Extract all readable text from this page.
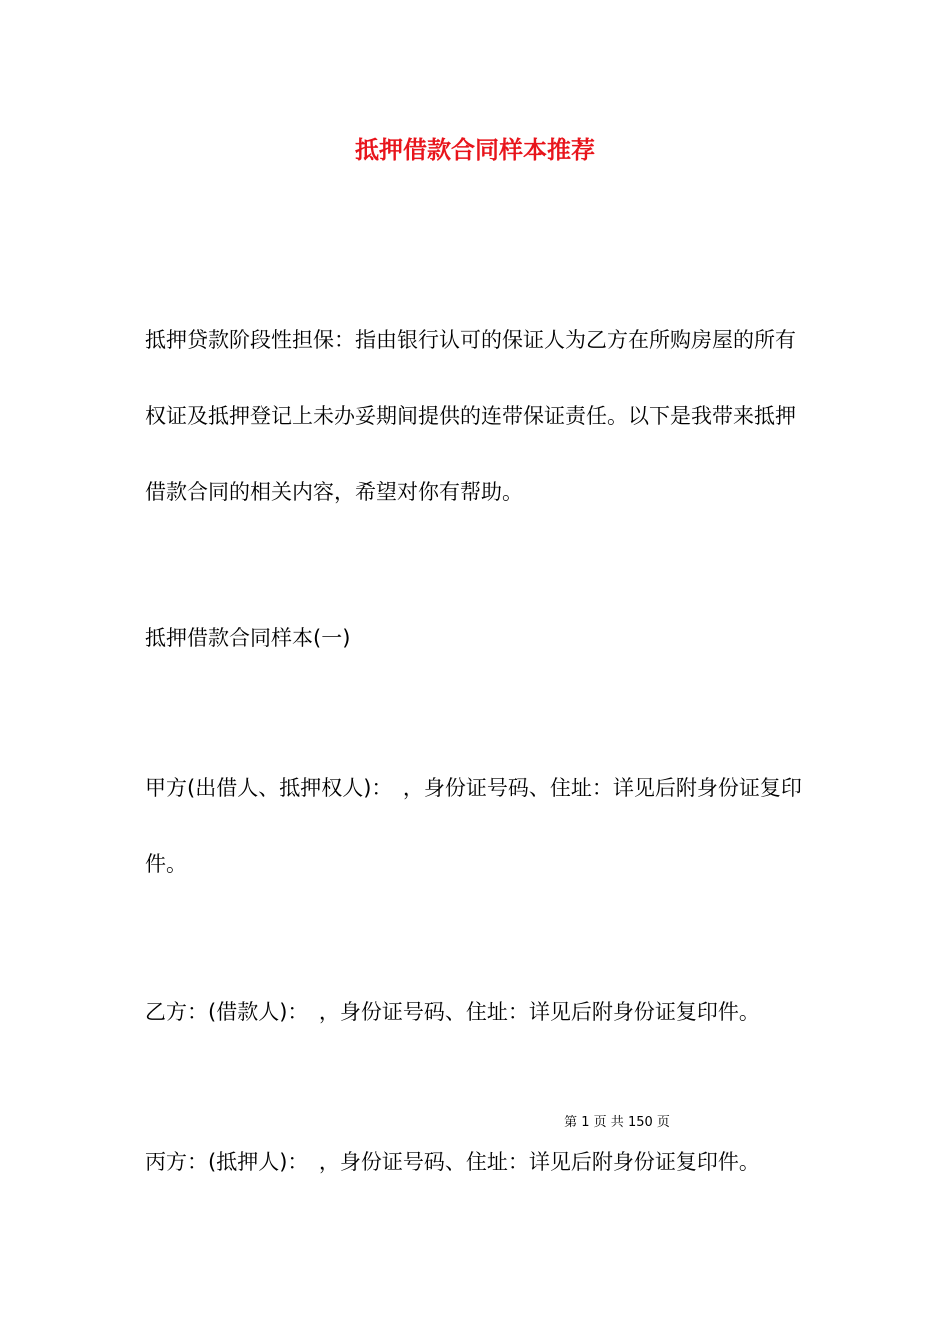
抵押借款合同样本推荐

抵押贷款阶段性担保：指由银行认可的保证人为乙方在所购房屋的所有权证及抵押登记上未办妥期间提供的连带保证责任。以下是我带来抵押借款合同的相关内容，希望对你有帮助。

抵押借款合同样本(一)

甲方(出借人、抵押权人)：　，身份证号码、住址：详见后附身份证复印件。

乙方：(借款人)：　，身份证号码、住址：详见后附身份证复印件。

第 1 页 共 150 页

丙方：(抵押人)：　，身份证号码、住址：详见后附身份证复印件。
